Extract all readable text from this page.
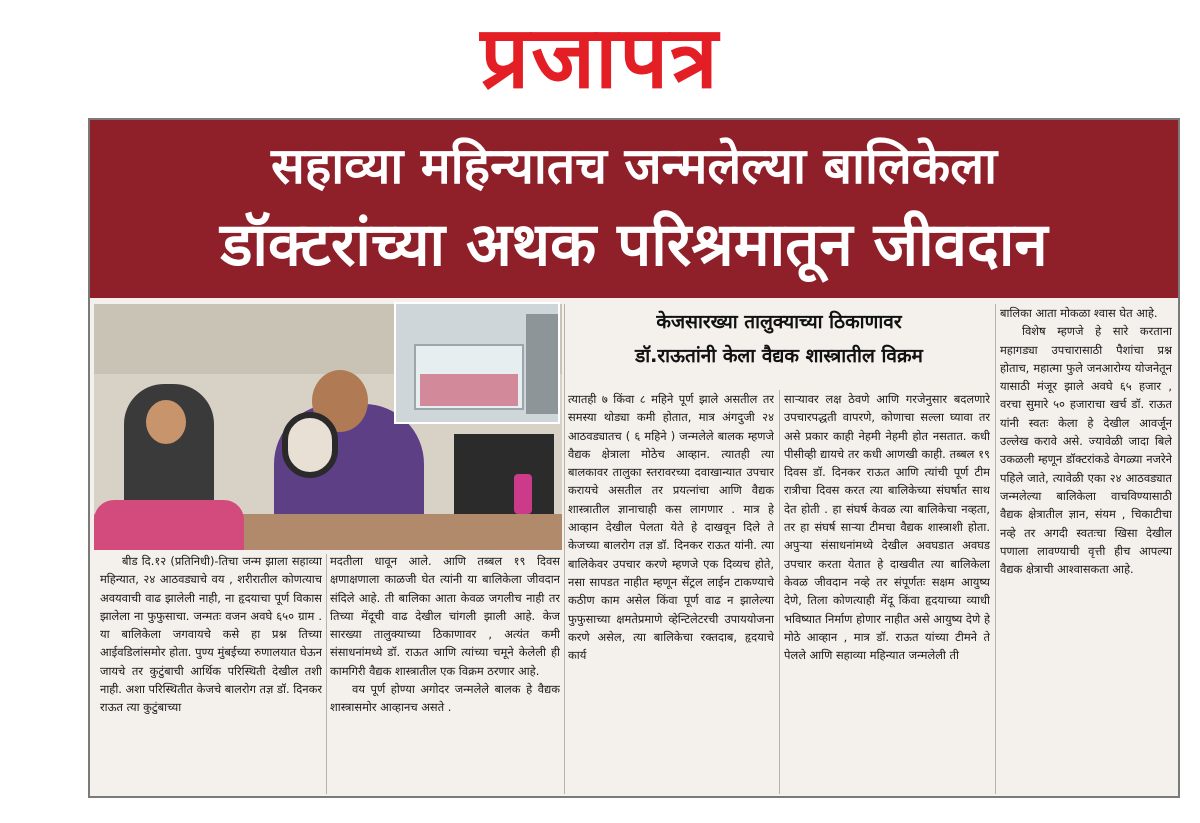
प्रजापत्र
सहाव्या महिन्यातच जन्मलेल्या बालिकेला
डॉक्टरांच्या अथक परिश्रमातून जीवदान
केजसारख्या तालुक्याच्या ठिकाणावर
डॉ.राऊतांनी केला वैद्यक शास्त्रातील विक्रम

बीड दि.१२ (प्रतिनिधी)-तिचा जन्म झाला सहाव्या महिन्यात, २४ आठवड्याचे वय , शरीरातील कोणत्याच अवयवाची वाढ झालेली नाही, ना हृदयाचा पूर्ण विकास झालेला ना फुफुसाचा. जन्मतः वजन अवघे ६५० ग्राम . या बालिकेला जगवायचे कसे हा प्रश्न तिच्या आईवडिलांसमोर होता. पुण्य मुंबईच्या रुणालयात घेऊन जायचे तर कुटुंबाची आर्थिक परिस्थिती देखील तशी नाही. अशा परिस्थितीत केजचे बालरोग तज्ञ डॉ. दिनकर राऊत त्या कुटुंबाच्या

मदतीला धावून आले. आणि तब्बल १९ दिवस क्षणाक्षणाला काळजी घेत त्यांनी या बालिकेला जीवदान संदिले आहे. ती बालिका आता केवळ जगलीच नाही तर तिच्या मेंदूची वाढ देखील चांगली झाली आहे. केज सारख्या तालुक्याच्या ठिकाणावर , अत्यंत कमी संसाधनांमध्ये डॉ. राऊत आणि त्यांच्या चमूने केलेली ही कामगिरी वैद्यक शास्त्रातील एक विक्रम ठरणार आहे.

वय पूर्ण होण्या अगोदर जन्मलेले बालक हे वैद्यक शास्त्रासमोर आव्हानच असते .

त्यातही ७ किंवा ८ महिने पूर्ण झाले असतील तर समस्या थोड्या कमी होतात, मात्र अंगदुजी २४ आठवड्यातच ( ६ महिने ) जन्मलेले बालक म्हणजे वैद्यक क्षेत्राला मोठेच आव्हान. त्यातही त्या बालकावर तालुका स्तरावरच्या दवाखान्यात उपचार करायचे असतील तर प्रयत्नांचा आणि वैद्यक शास्त्रातील ज्ञानाचाही कस लागणार . मात्र हे आव्हान देखील पेलता येते हे दाखवून दिले ते केजच्या बालरोग तज्ञ डॉ. दिनकर राऊत यांनी. त्या बालिकेवर उपचार करणे म्हणजे एक दिव्यच होते, नसा सापडत नाहीत म्हणून सेंट्रल लाईन टाकण्याचे कठीण काम असेल किंवा पूर्ण वाढ न झालेल्या फुफुसाच्या क्षमतेप्रमाणे व्हेन्टिलेटरची उपाययोजना करणे असेल, त्या बालिकेचा रक्तदाब, हृदयाचे कार्य

साऱ्यावर लक्ष ठेवणे आणि गरजेनुसार बदलणारे उपचारपद्धती वापरणे, कोणाचा सल्ला घ्यावा तर असे प्रकार काही नेहमी नेहमी होत नसतात. कधी पीसीव्ही द्यायचे तर कधी आणखी काही. तब्बल १९ दिवस डॉ. दिनकर राऊत आणि त्यांची पूर्ण टीम रात्रीचा दिवस करत त्या बालिकेच्या संघर्षात साथ देत होती . हा संघर्ष केवळ त्या बालिकेचा नव्हता, तर हा संघर्ष साऱ्या टीमचा वैद्यक शास्त्राशी होता. अपुऱ्या संसाधनांमध्ये देखील अवघडात अवघड उपचार करता येतात हे दाखवीत त्या बालिकेला केवळ जीवदान नव्हे तर संपूर्णतः सक्षम आयुष्य देणे, तिला कोणत्याही मेंदू किंवा हृदयाच्या व्याधी भविष्यात निर्माण होणार नाहीत असे आयुष्य देणे हे मोठे आव्हान , मात्र डॉ. राऊत यांच्या टीमने ते पेलले आणि सहाव्या महिन्यात जन्मलेली ती

बालिका आता मोकळा श्वास घेत आहे.

विशेष म्हणजे हे सारे करताना महागड्या उपचारासाठी पैशांचा प्रश्न होताच, महात्मा फुले जनआरोग्य योजनेतून यासाठी मंजूर झाले अवघे ६५ हजार , वरचा सुमारे ५० हजाराचा खर्च डॉ. राऊत यांनी स्वतः केला हे देखील आवर्जून उल्लेख करावे असे. ज्यावेळी जादा बिले उकळली म्हणून डॉक्टरांकडे वेगळ्या नजरेने पहिले जाते, त्यावेळी एका २४ आठवड्यात जन्मलेल्या बालिकेला वाचविण्यासाठी वैद्यक क्षेत्रातील ज्ञान, संयम , चिकाटीचा नव्हे तर अगदी स्वतःचा खिसा देखील पणाला लावण्याची वृत्ती हीच आपल्या वैद्यक क्षेत्राची आश्वासकता आहे.
